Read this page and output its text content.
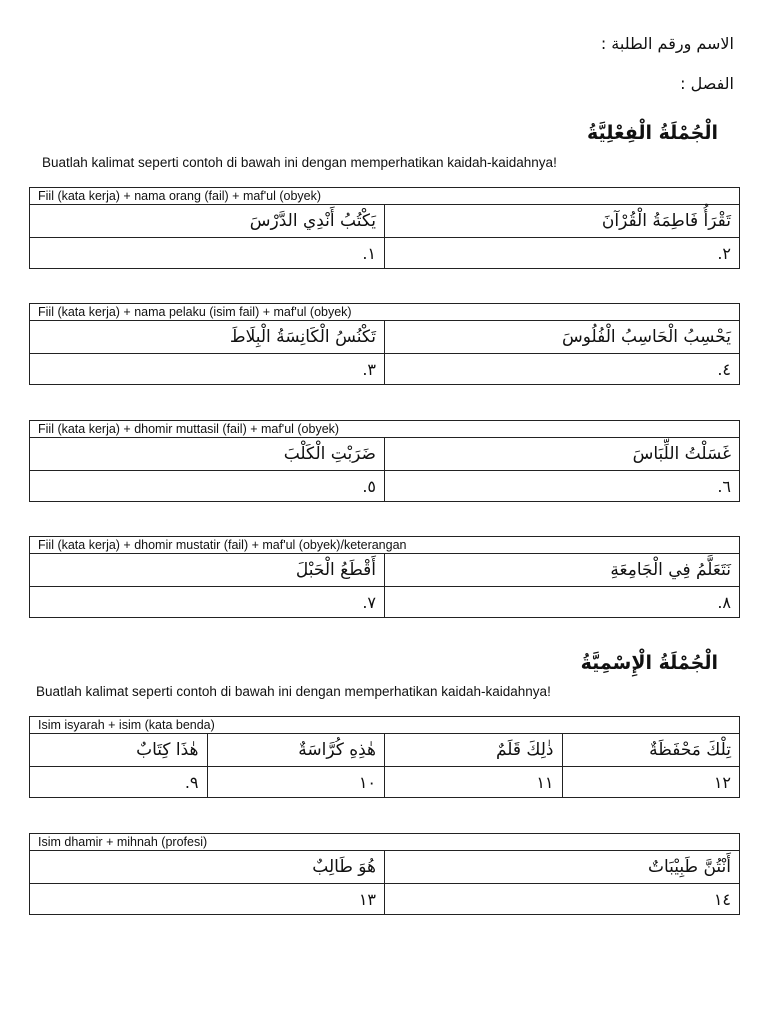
الاسم ورقم الطلبة :
الفصل :
الْجُمْلَةُ الْفِعْلِيَّةُ
Buatlah kalimat seperti contoh di bawah ini dengan memperhatikan kaidah-kaidahnya!
Fiil (kata kerja) + nama orang (fail) + maf'ul (obyek)	
يَكْتُبُ أَنْدِي الدَّرْسَ	تَقْرَأُ فَاطِمَةُ الْقُرْآنَ
١.	٢.
Fiil (kata kerja) + nama pelaku (isim fail) + maf'ul (obyek)	
تَكْنُسُ الْكَانِسَةُ الْبِلَاطَ	يَحْسِبُ الْحَاسِبُ الْفُلُوسَ
٣.	٤.
Fiil (kata kerja) + dhomir muttasil (fail) + maf'ul (obyek)	
ضَرَبْتِ الْكَلْبَ	غَسَلْتُ اللِّبَاسَ
٥.	٦.
Fiil (kata kerja) + dhomir mustatir (fail) + maf'ul (obyek)/keterangan	
أَقْطَعُ الْحَبْلَ	نَتَعَلَّمُ فِي الْجَامِعَةِ
٧.	٨.
الْجُمْلَةُ الْإِسْمِيَّةُ
Buatlah kalimat seperti contoh di bawah ini dengan memperhatikan kaidah-kaidahnya!
Isim isyarah + isim (kata benda)			
هٰذَا كِتَابٌ	هٰذِهِ كُرَّاسَةٌ	ذٰلِكَ قَلَمٌ	تِلْكَ مَحْفَظَةٌ
٩.	١٠	١١	١٢
Isim dhamir + mihnah (profesi)	
هُوَ طَالِبٌ	أَنْتُنَّ طَبِيْبَاتٌ
١٣	١٤
